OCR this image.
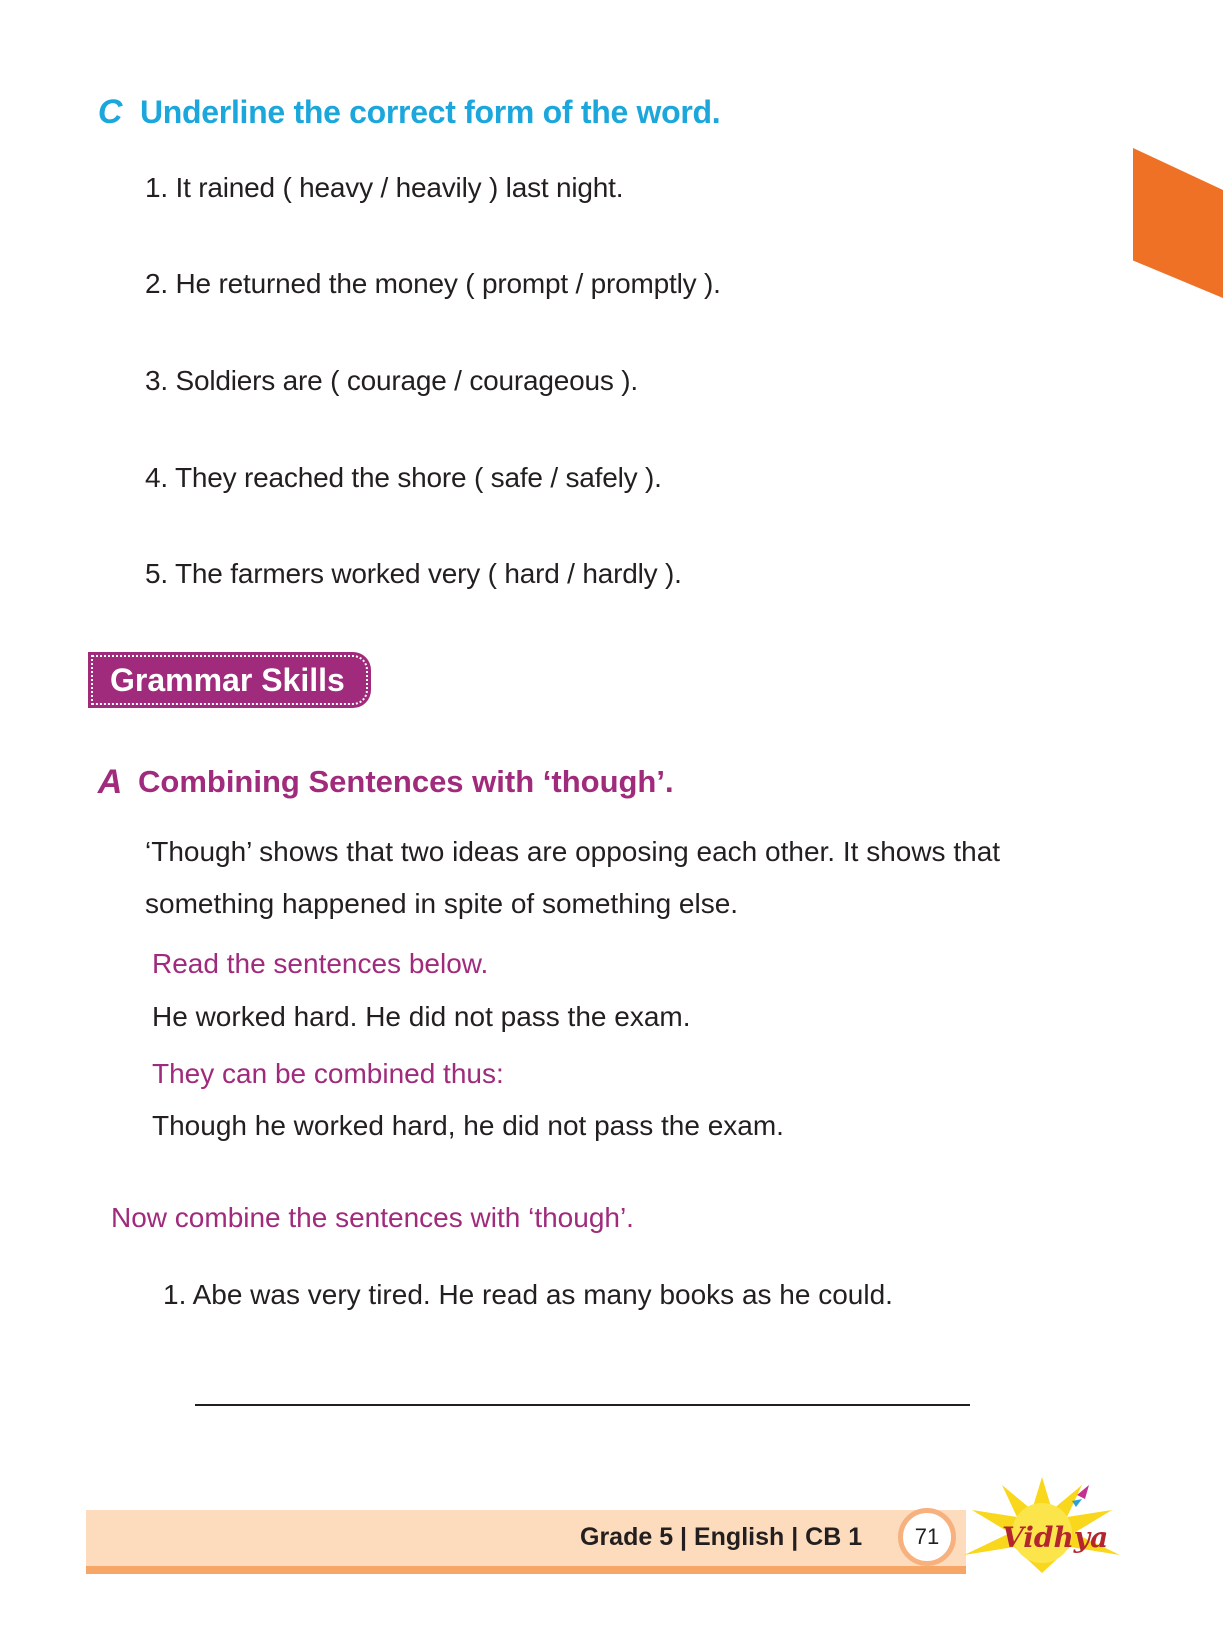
C Underline the correct form of the word.
1. It rained ( heavy / heavily ) last night.
2. He returned the money ( prompt / promptly ).
3. Soldiers are ( courage / courageous ).
4. They reached the shore ( safe / safely ).
5. The farmers worked very ( hard / hardly ).
Grammar Skills
A Combining Sentences with ‘though’.
‘Though’ shows that two ideas are opposing each other. It shows that something happened in spite of something else.
Read the sentences below.
He worked hard. He did not pass the exam.
They can be combined thus:
Though he worked hard, he did not pass the exam.
Now combine the sentences with ‘though’.
1. Abe was very tired. He read as many books as he could.
Grade 5 | English | CB 1 71 Vidhya
